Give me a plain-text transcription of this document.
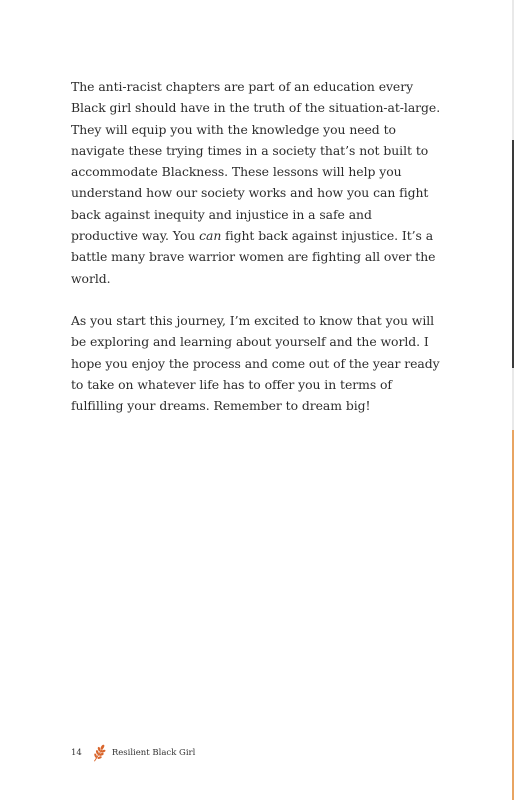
The anti-racist chapters are part of an education every Black girl should have in the truth of the situation-at-large. They will equip you with the knowledge you need to navigate these trying times in a society that’s not built to accommodate Blackness. These lessons will help you understand how our society works and how you can fight back against inequity and injustice in a safe and productive way. You can fight back against injustice. It’s a battle many brave warrior women are fighting all over the world.

As you start this journey, I’m excited to know that you will be exploring and learning about yourself and the world. I hope you enjoy the process and come out of the year ready to take on whatever life has to offer you in terms of fulfilling your dreams. Remember to dream big!

14	Resilient Black Girl
